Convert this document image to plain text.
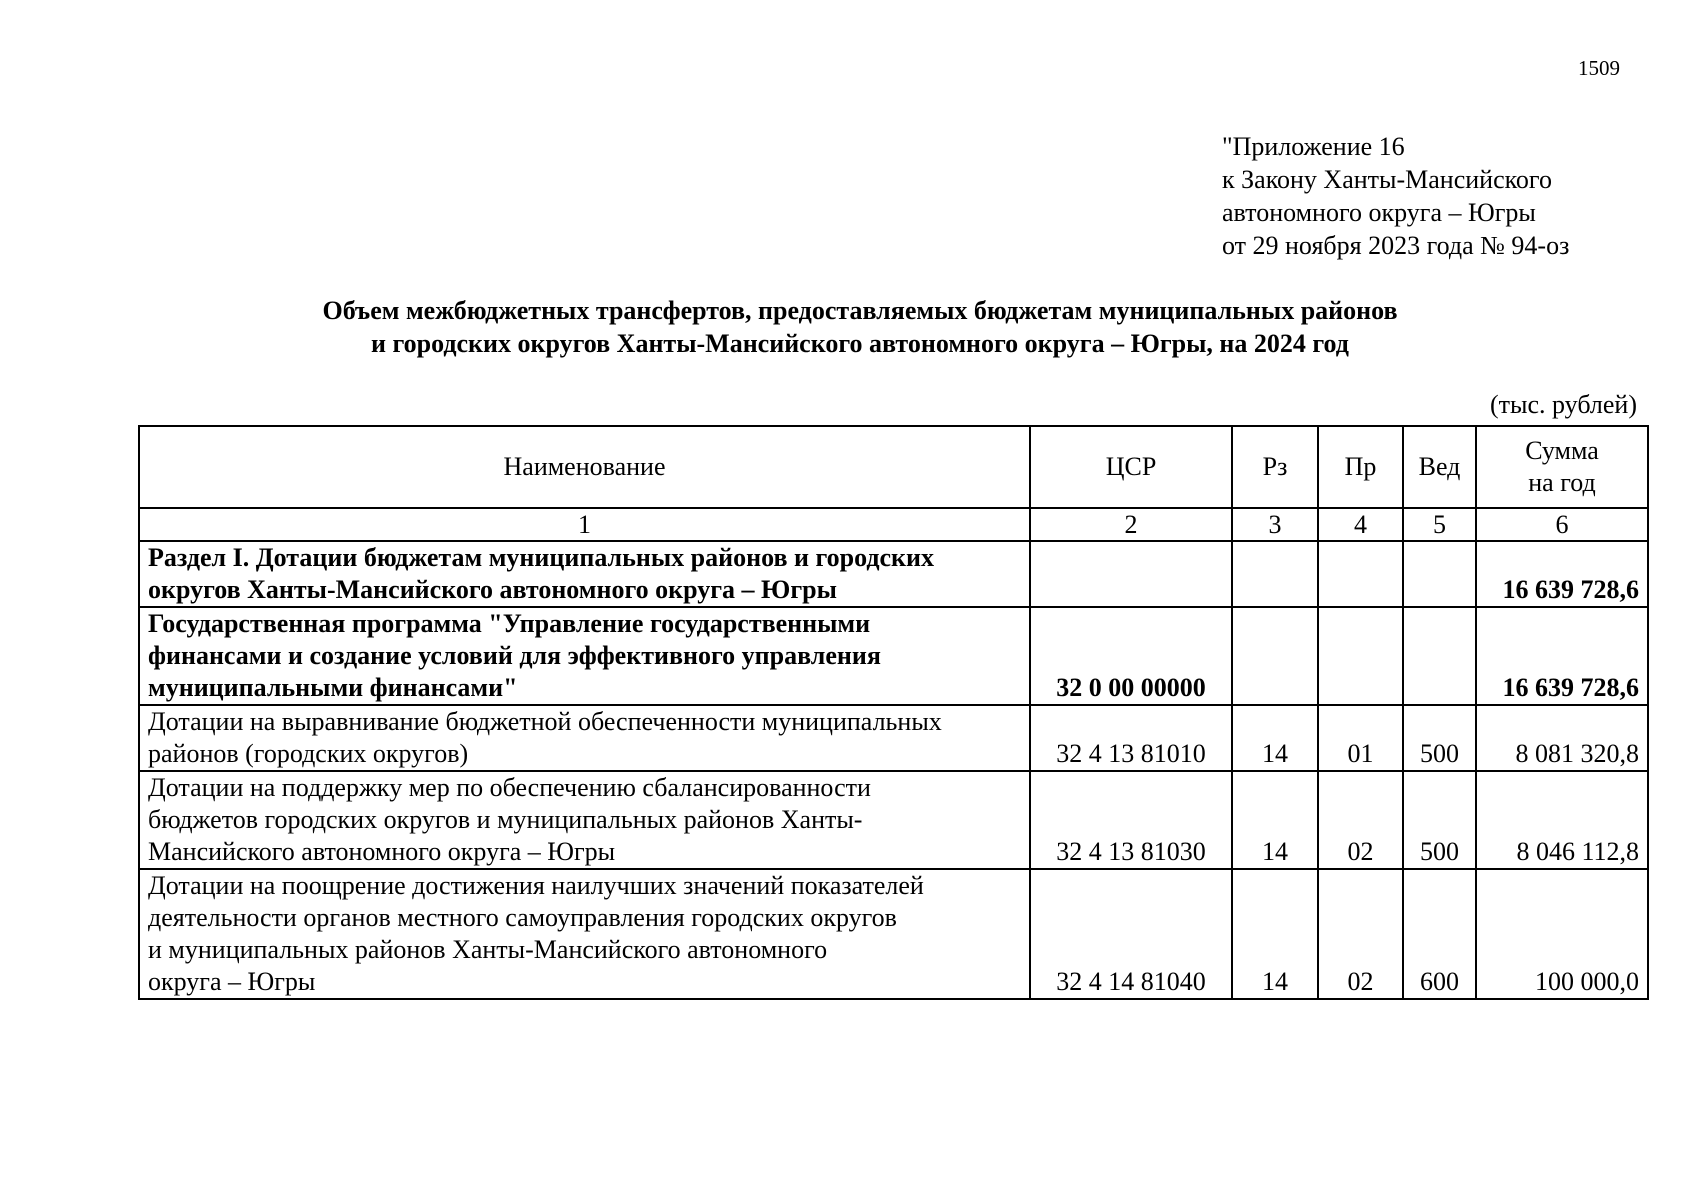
1509
"Приложение 16
к Закону Ханты-Мансийского
автономного округа – Югры
от 29 ноября 2023 года № 94-оз
Объем межбюджетных трансфертов, предоставляемых бюджетам муниципальных районов
и городских округов Ханты-Мансийского автономного округа – Югры, на 2024 год
(тыс. рублей)
Наименование	ЦСР	Рз	Пр	Вед	Сумма
на год

1	2	3	4	5	6

Раздел I. Дотации бюджетам муниципальных районов и городских
округов Ханты-Мансийского автономного округа – Югры					16 639 728,6

Государственная программа "Управление государственными
финансами и создание условий для эффективного управления
муниципальными финансами"	32 0 00 00000				16 639 728,6

Дотации на выравнивание бюджетной обеспеченности муниципальных
районов (городских округов)	32 4 13 81010	14	01	500	8 081 320,8

Дотации на поддержку мер по обеспечению сбалансированности
бюджетов городских округов и муниципальных районов Ханты-
Мансийского автономного округа – Югры	32 4 13 81030	14	02	500	8 046 112,8

Дотации на поощрение достижения наилучших значений показателей
деятельности органов местного самоуправления городских округов
и муниципальных районов Ханты-Мансийского автономного
округа – Югры	32 4 14 81040	14	02	600	100 000,0
